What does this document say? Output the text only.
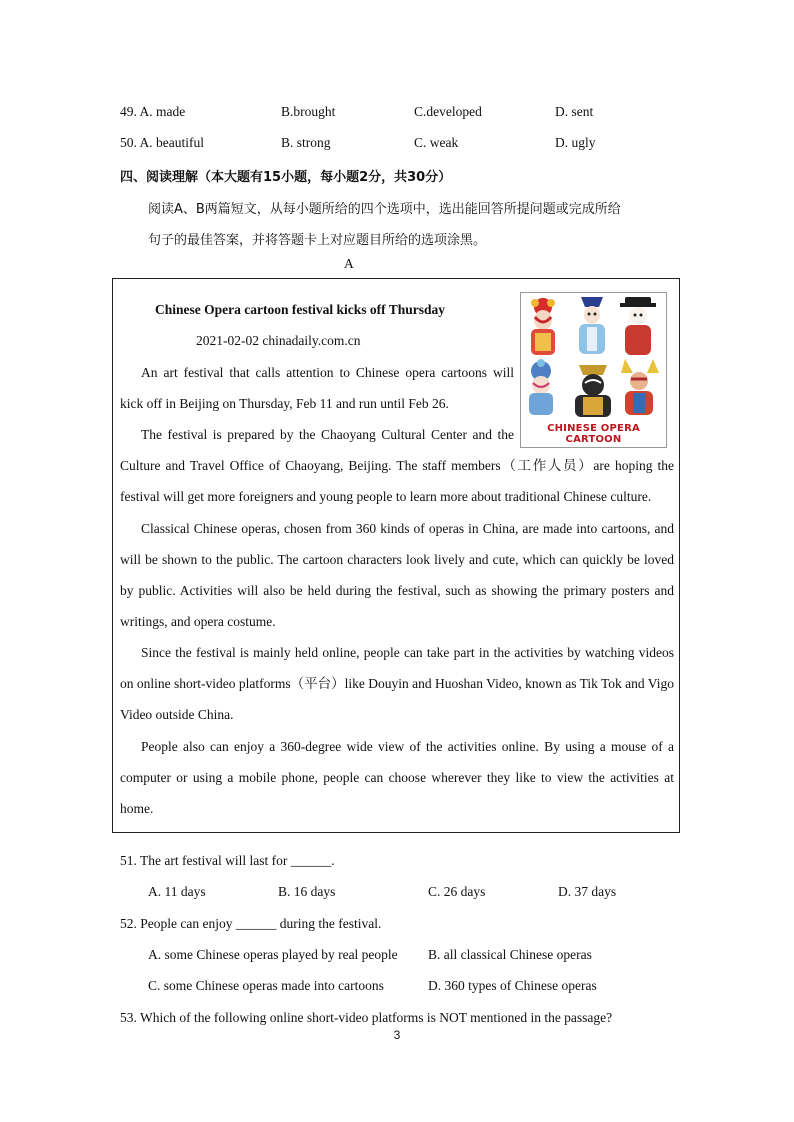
49. A. made	B.brought	C.developed	D. sent
50. A. beautiful	B. strong	C. weak	D. ugly
四、阅读理解（本大题有15小题，每小题2分，共30分）
阅读A、B两篇短文，从每小题所给的四个选项中，选出能回答所提问题或完成所给
句子的最佳答案，并将答题卡上对应题目所给的选项涂黑。
A
Chinese Opera cartoon festival kicks off Thursday
2021-02-02 chinadaily.com.cn
CHINESE OPERA CARTOON
An art festival that calls attention to Chinese opera cartoons will kick off in Beijing on Thursday, Feb 11 and run until Feb 26.
The festival is prepared by the Chaoyang Cultural Center and the Culture and Travel Office of Chaoyang, Beijing. The staff members（工作人员）are hoping the festival will get more foreigners and young people to learn more about traditional Chinese culture.
Classical Chinese operas, chosen from 360 kinds of operas in China, are made into cartoons, and will be shown to the public. The cartoon characters look lively and cute, which can quickly be loved by public. Activities will also be held during the festival, such as showing the primary posters and writings, and opera costume.
Since the festival is mainly held online, people can take part in the activities by watching videos on online short-video platforms（平台）like Douyin and Huoshan Video, known as Tik Tok and Vigo Video outside China.
People also can enjoy a 360-degree wide view of the activities online. By using a mouse of a computer or using a mobile phone, people can choose wherever they like to view the activities at home.
51. The art festival will last for ______.
A. 11 days	B. 16 days	C. 26 days	D. 37 days
52. People can enjoy ______ during the festival.
A. some Chinese operas played by real people B. all classical Chinese operas
C. some Chinese operas made into cartoons	D. 360 types of Chinese operas
53. Which of the following online short-video platforms is NOT mentioned in the passage?
3
